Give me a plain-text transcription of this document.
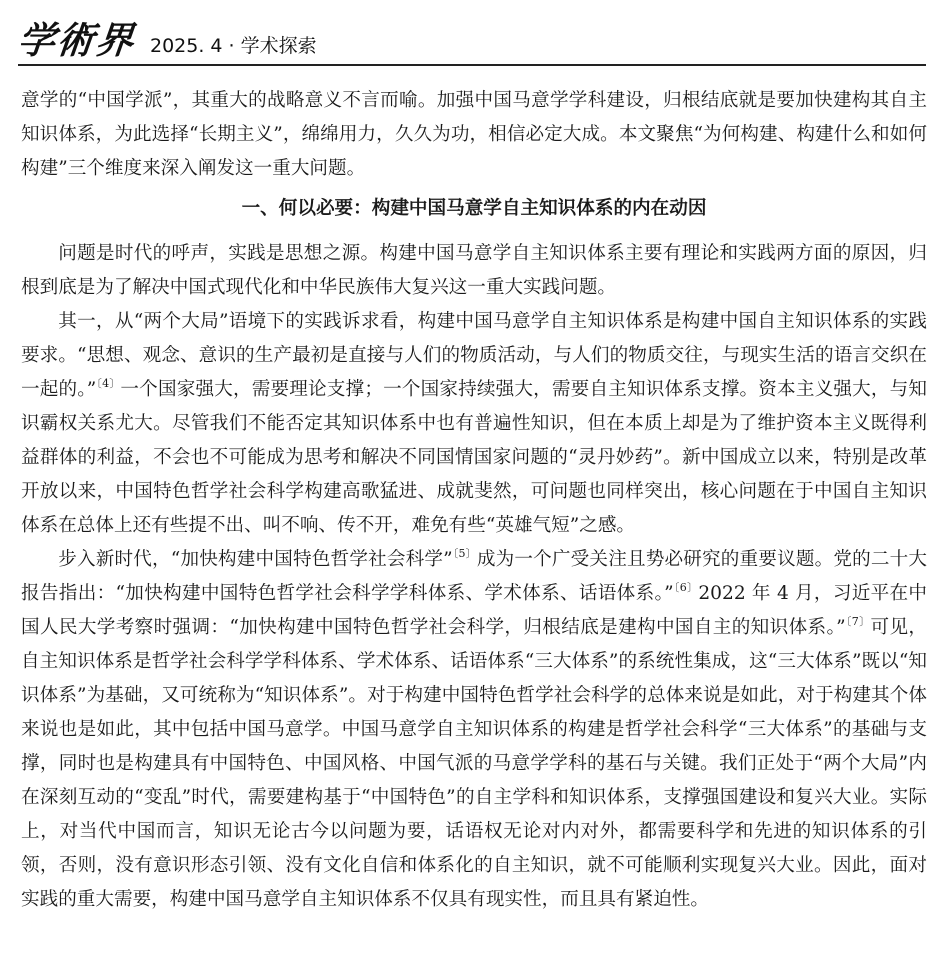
学術界 2025. 4 · 学术探索

意学的“中国学派”，其重大的战略意义不言而喻。加强中国马意学学科建设，归根结底就是要加快建构其自主知识体系，为此选择“长期主义”，绵绵用力，久久为功，相信必定大成。本文聚焦“为何构建、构建什么和如何构建”三个维度来深入阐发这一重大问题。

一、何以必要：构建中国马意学自主知识体系的内在动因

问题是时代的呼声，实践是思想之源。构建中国马意学自主知识体系主要有理论和实践两方面的原因，归根到底是为了解决中国式现代化和中华民族伟大复兴这一重大实践问题。

其一，从“两个大局”语境下的实践诉求看，构建中国马意学自主知识体系是构建中国自主知识体系的实践要求。“思想、观念、意识的生产最初是直接与人们的物质活动，与人们的物质交往，与现实生活的语言交织在一起的。”$^{〔4〕}$一个国家强大，需要理论支撑；一个国家持续强大，需要自主知识体系支撑。资本主义强大，与知识霸权关系尤大。尽管我们不能否定其知识体系中也有普遍性知识，但在本质上却是为了维护资本主义既得利益群体的利益，不会也不可能成为思考和解决不同国情国家问题的“灵丹妙药”。新中国成立以来，特别是改革开放以来，中国特色哲学社会科学构建高歌猛进、成就斐然，可问题也同样突出，核心问题在于中国自主知识体系在总体上还有些提不出、叫不响、传不开，难免有些“英雄气短”之感。

步入新时代，“加快构建中国特色哲学社会科学”$^{〔5〕}$成为一个广受关注且势必研究的重要议题。党的二十大报告指出：“加快构建中国特色哲学社会科学学科体系、学术体系、话语体系。”$^{〔6〕}$2022 年 4 月，习近平在中国人民大学考察时强调：“加快构建中国特色哲学社会科学，归根结底是建构中国自主的知识体系。”$^{〔7〕}$可见，自主知识体系是哲学社会科学学科体系、学术体系、话语体系“三大体系”的系统性集成，这“三大体系”既以“知识体系”为基础，又可统称为“知识体系”。对于构建中国特色哲学社会科学的总体来说是如此，对于构建其个体来说也是如此，其中包括中国马意学。中国马意学自主知识体系的构建是哲学社会科学“三大体系”的基础与支撑，同时也是构建具有中国特色、中国风格、中国气派的马意学学科的基石与关键。我们正处于“两个大局”内在深刻互动的“变乱”时代，需要建构基于“中国特色”的自主学科和知识体系，支撑强国建设和复兴大业。实际上，对当代中国而言，知识无论古今以问题为要，话语权无论对内对外，都需要科学和先进的知识体系的引领，否则，没有意识形态引领、没有文化自信和体系化的自主知识，就不可能顺利实现复兴大业。因此，面对实践的重大需要，构建中国马意学自主知识体系不仅具有现实性，而且具有紧迫性。
